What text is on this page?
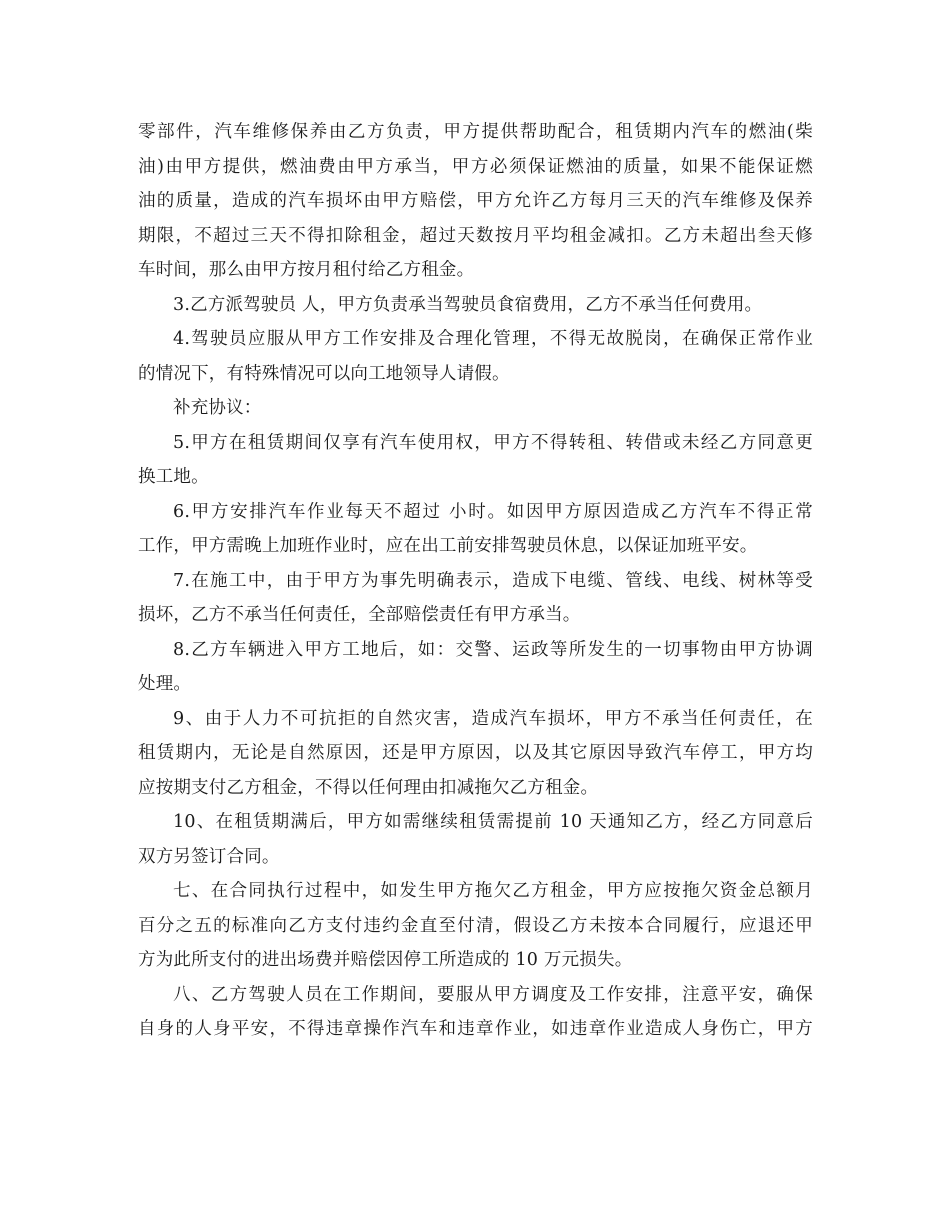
零部件，汽车维修保养由乙方负责，甲方提供帮助配合，租赁期内汽车的燃油(柴
油)由甲方提供，燃油费由甲方承当，甲方必须保证燃油的质量，如果不能保证燃
油的质量，造成的汽车损坏由甲方赔偿，甲方允许乙方每月三天的汽车维修及保养
期限，不超过三天不得扣除租金，超过天数按月平均租金减扣。乙方未超出叁天修
车时间，那么由甲方按月租付给乙方租金。
3.乙方派驾驶员 人，甲方负责承当驾驶员食宿费用，乙方不承当任何费用。
4.驾驶员应服从甲方工作安排及合理化管理，不得无故脱岗，在确保正常作业
的情况下，有特殊情况可以向工地领导人请假。
补充协议：
5.甲方在租赁期间仅享有汽车使用权，甲方不得转租、转借或未经乙方同意更
换工地。
6.甲方安排汽车作业每天不超过 小时。如因甲方原因造成乙方汽车不得正常
工作，甲方需晚上加班作业时，应在出工前安排驾驶员休息，以保证加班平安。
7.在施工中，由于甲方为事先明确表示，造成下电缆、管线、电线、树林等受
损坏，乙方不承当任何责任，全部赔偿责任有甲方承当。
8.乙方车辆进入甲方工地后，如：交警、运政等所发生的一切事物由甲方协调
处理。
9、由于人力不可抗拒的自然灾害，造成汽车损坏，甲方不承当任何责任，在
租赁期内，无论是自然原因，还是甲方原因，以及其它原因导致汽车停工，甲方均
应按期支付乙方租金，不得以任何理由扣减拖欠乙方租金。
10、在租赁期满后，甲方如需继续租赁需提前 10 天通知乙方，经乙方同意后
双方另签订合同。
七、在合同执行过程中，如发生甲方拖欠乙方租金，甲方应按拖欠资金总额月
百分之五的标准向乙方支付违约金直至付清，假设乙方未按本合同履行，应退还甲
方为此所支付的进出场费并赔偿因停工所造成的 10 万元损失。
八、乙方驾驶人员在工作期间，要服从甲方调度及工作安排，注意平安，确保
自身的人身平安，不得违章操作汽车和违章作业，如违章作业造成人身伤亡，甲方
